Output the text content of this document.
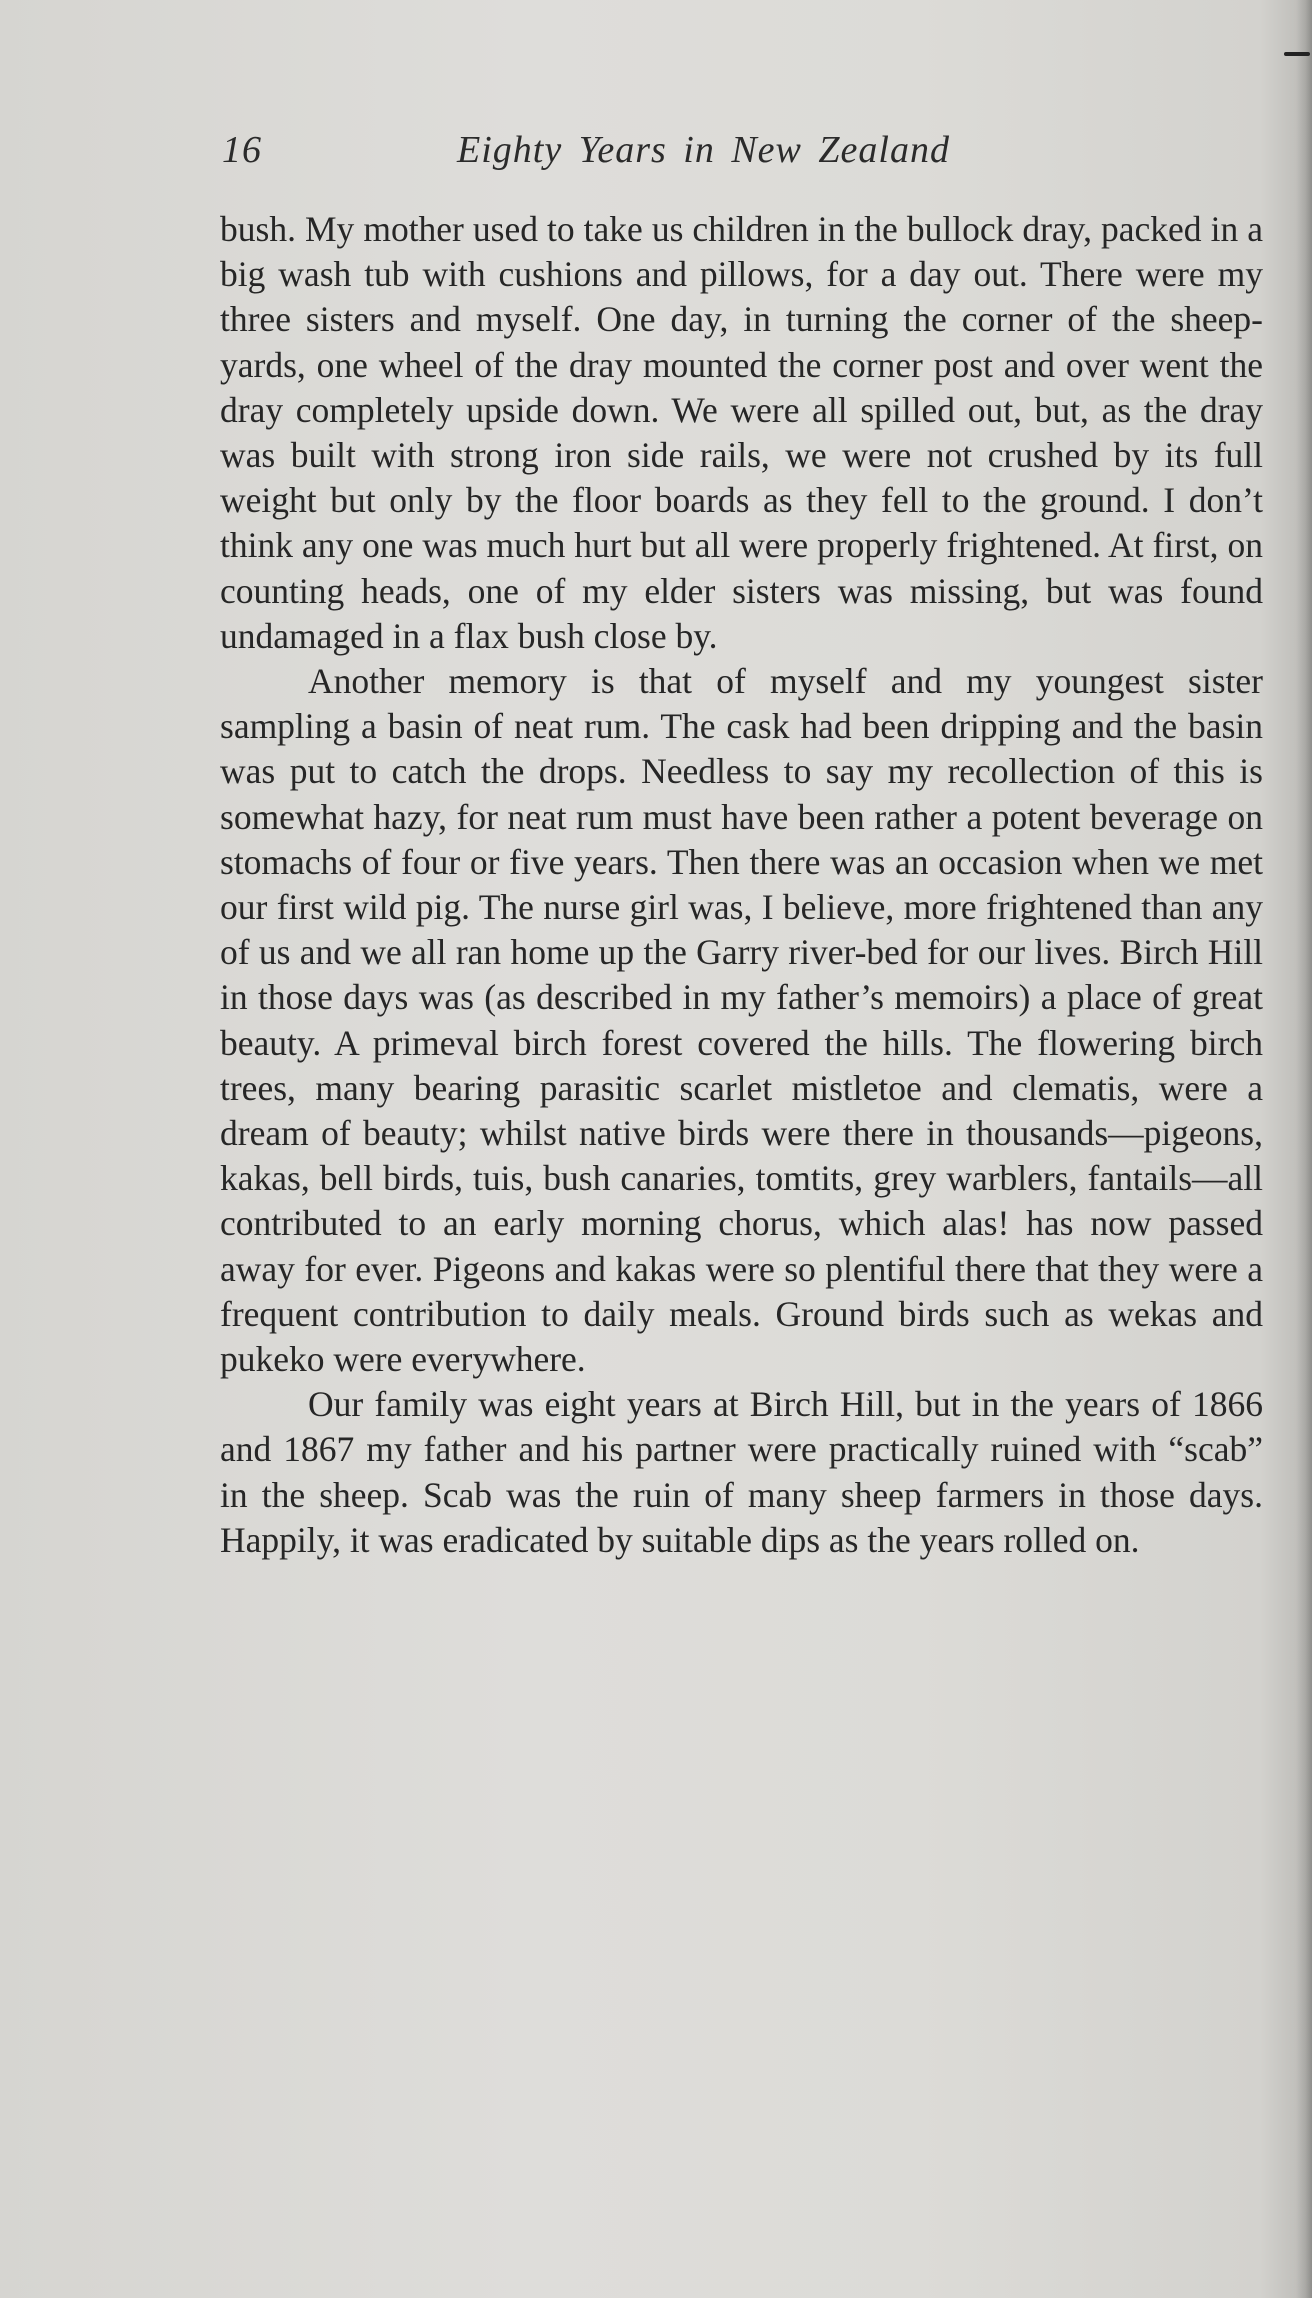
16	Eighty Years in New Zealand

bush. My mother used to take us children in the bullock dray, packed in a big wash tub with cushions and pillows, for a day out. There were my three sisters and myself. One day, in turning the corner of the sheep-yards, one wheel of the dray mounted the corner post and over went the dray completely upside down. We were all spilled out, but, as the dray was built with strong iron side rails, we were not crushed by its full weight but only by the floor boards as they fell to the ground. I don’t think any one was much hurt but all were properly frightened. At first, on counting heads, one of my elder sisters was missing, but was found undamaged in a flax bush close by.

Another memory is that of myself and my youngest sister sampling a basin of neat rum. The cask had been dripping and the basin was put to catch the drops. Needless to say my recollection of this is somewhat hazy, for neat rum must have been rather a potent beverage on stomachs of four or five years. Then there was an occasion when we met our first wild pig. The nurse girl was, I believe, more frightened than any of us and we all ran home up the Garry river-bed for our lives. Birch Hill in those days was (as described in my father’s memoirs) a place of great beauty. A primeval birch forest covered the hills. The flowering birch trees, many bearing parasitic scarlet mistletoe and clematis, were a dream of beauty; whilst native birds were there in thousands—pigeons, kakas, bell birds, tuis, bush canaries, tomtits, grey warblers, fantails—all contributed to an early morning chorus, which alas! has now passed away for ever. Pigeons and kakas were so plentiful there that they were a frequent contribution to daily meals. Ground birds such as wekas and pukeko were everywhere.

Our family was eight years at Birch Hill, but in the years of 1866 and 1867 my father and his partner were practically ruined with “scab” in the sheep. Scab was the ruin of many sheep farmers in those days. Happily, it was eradicated by suitable dips as the years rolled on.
